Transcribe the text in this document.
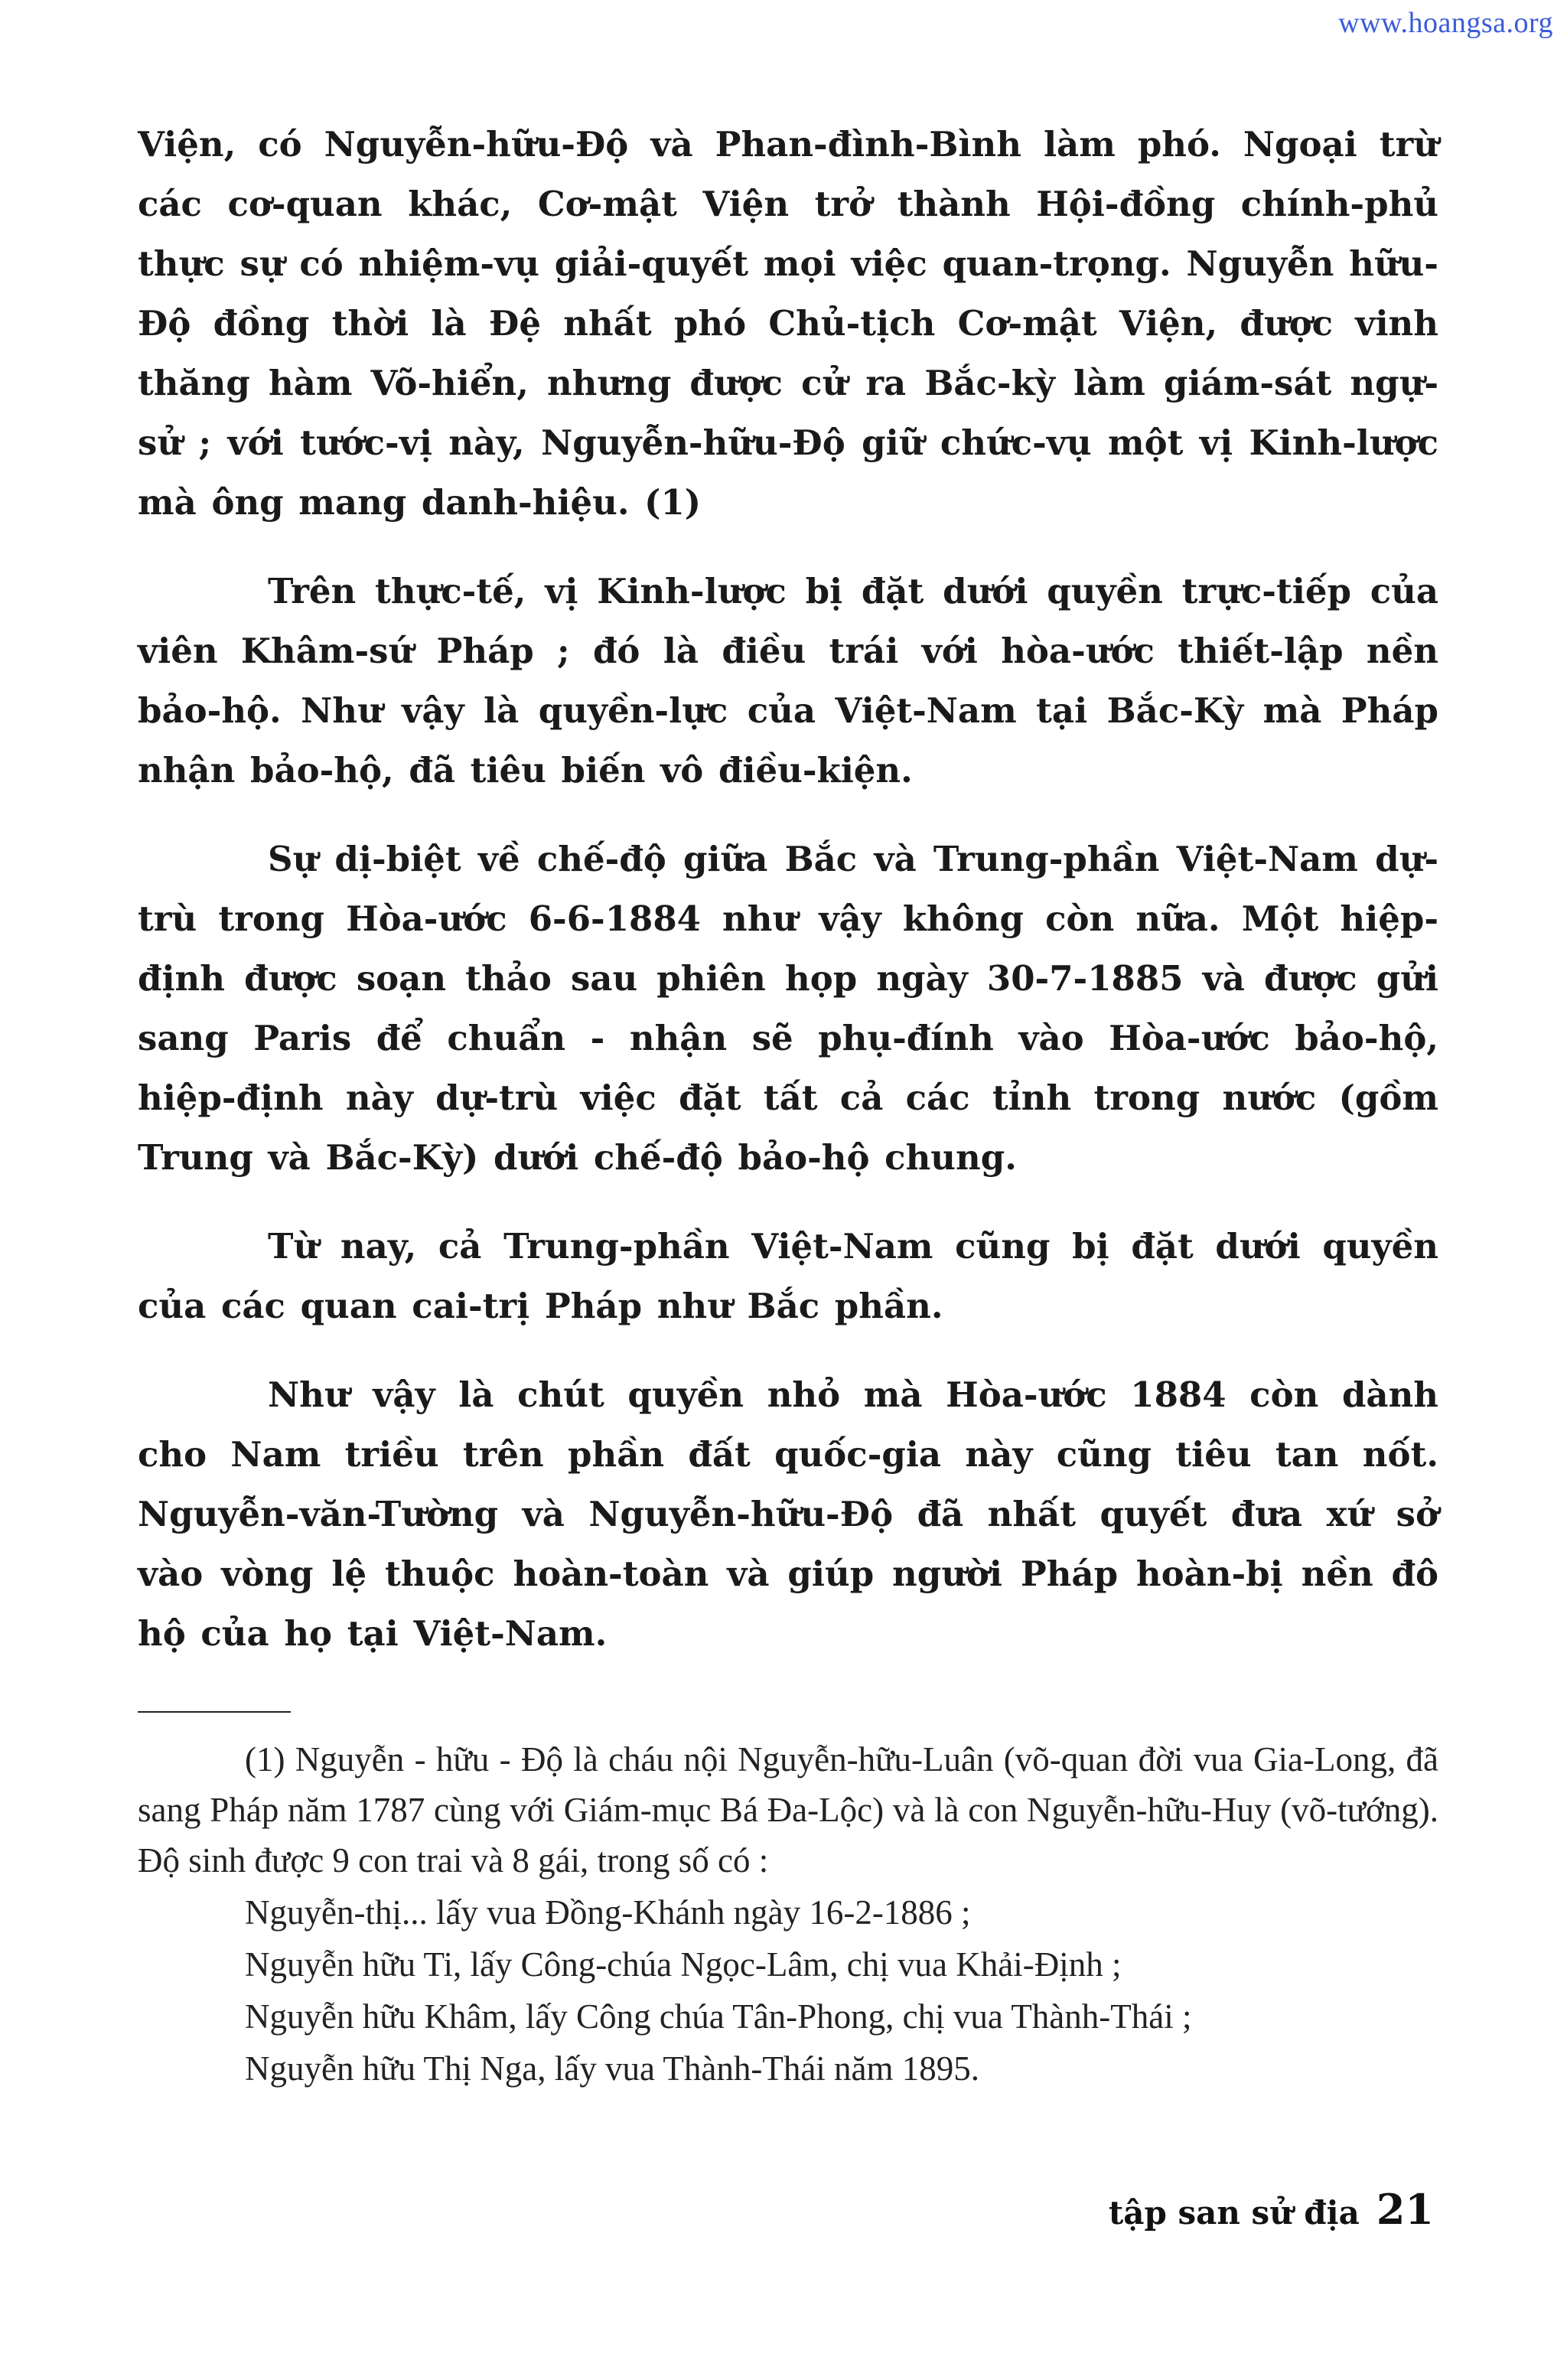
www.hoangsa.org

Viện, có Nguyễn-hữu-Độ và Phan-đình-Bình làm phó. Ngoại trừ các cơ-quan khác, Cơ-mật Viện trở thành Hội-đồng chính-phủ thực sự có nhiệm-vụ giải-quyết mọi việc quan-trọng. Nguyễn hữu-Độ đồng thời là Đệ nhất phó Chủ-tịch Cơ-mật Viện, được vinh thăng hàm Võ-hiển, nhưng được cử ra Bắc-kỳ làm giám-sát ngự-sử ; với tước-vị này, Nguyễn-hữu-Độ giữ chức-vụ một vị Kinh-lược mà ông mang danh-hiệu. (1)

Trên thực-tế, vị Kinh-lược bị đặt dưới quyền trực-tiếp của viên Khâm-sứ Pháp ; đó là điều trái với hòa-ước thiết-lập nền bảo-hộ. Như vậy là quyền-lực của Việt-Nam tại Bắc-Kỳ mà Pháp nhận bảo-hộ, đã tiêu biến vô điều-kiện.

Sự dị-biệt về chế-độ giữa Bắc và Trung-phần Việt-Nam dự-trù trong Hòa-ước 6-6-1884 như vậy không còn nữa. Một hiệp-định được soạn thảo sau phiên họp ngày 30-7-1885 và được gửi sang Paris để chuẩn - nhận sẽ phụ-đính vào Hòa-ước bảo-hộ, hiệp-định này dự-trù việc đặt tất cả các tỉnh trong nước (gồm Trung và Bắc-Kỳ) dưới chế-độ bảo-hộ chung.

Từ nay, cả Trung-phần Việt-Nam cũng bị đặt dưới quyền của các quan cai-trị Pháp như Bắc phần.

Như vậy là chút quyền nhỏ mà Hòa-ước 1884 còn dành cho Nam triều trên phần đất quốc-gia này cũng tiêu tan nốt. Nguyễn-văn-Tường và Nguyễn-hữu-Độ đã nhất quyết đưa xứ sở vào vòng lệ thuộc hoàn-toàn và giúp người Pháp hoàn-bị nền đô hộ của họ tại Việt-Nam.

(1) Nguyễn - hữu - Độ là cháu nội Nguyễn-hữu-Luân (võ-quan đời vua Gia-Long, đã sang Pháp năm 1787 cùng với Giám-mục Bá Đa-Lộc) và là con Nguyễn-hữu-Huy (võ-tướng). Độ sinh được 9 con trai và 8 gái, trong số có :

Nguyễn-thị... lấy vua Đồng-Khánh ngày 16-2-1886 ;

Nguyễn hữu Ti, lấy Công-chúa Ngọc-Lâm, chị vua Khải-Định ;

Nguyễn hữu Khâm, lấy Công chúa Tân-Phong, chị vua Thành-Thái ;

Nguyễn hữu Thị Nga, lấy vua Thành-Thái năm 1895.

tập san sử địa 21
